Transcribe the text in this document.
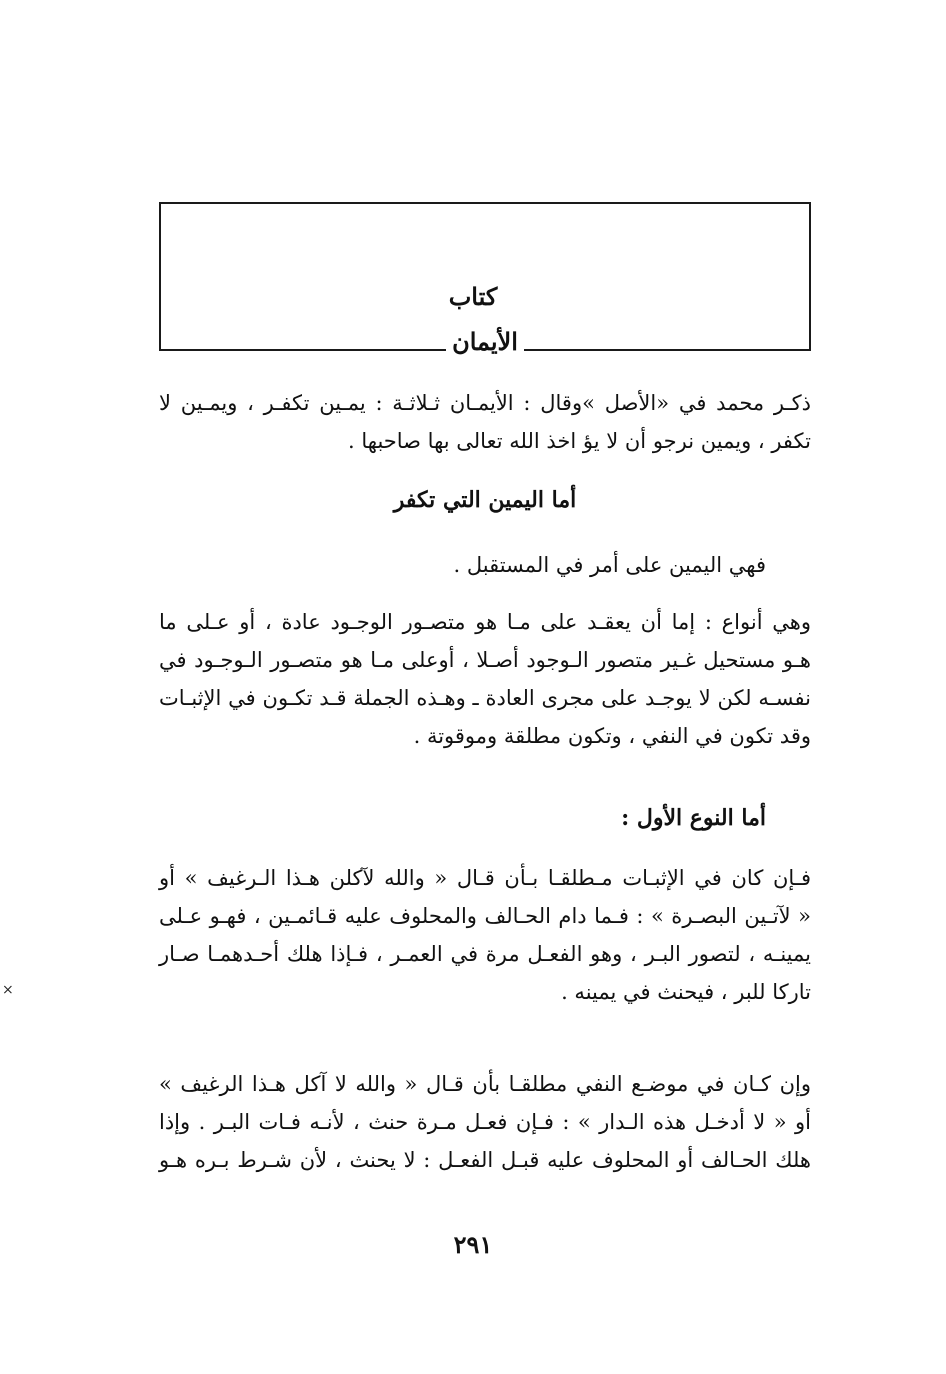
كتاب
الأيمان
ذكـر محمد في «الأصل »وقال : الأيمـان ثـلاثـة : يمـين تكفـر ، ويمـين لا
تكفر ، ويمين نرجو أن لا يؤ اخذ الله تعالى بها صاحبها .
أما اليمين التي تكفر
فهي اليمين على أمر في المستقبل .
وهي أنواع : إما أن يعقـد على مـا هو متصـور الوجـود عادة ، أو عـلى ما
هـو مستحيل غـير متصور الـوجود أصـلا ، أوعلى مـا هو متصـور الـوجـود في
نفسـه لكن لا يوجـد على مجرى العادة ـ وهـذه الجملة قـد تكـون في الإثبـات
وقد تكون في النفي ، وتكون مطلقة وموقوتة .
أما النوع الأول :
فـإن كان في الإثبـات مـطلقـا بـأن قـال « والله لآكلن هـذا الـرغيف » أو
« لآتـين البصـرة » : فـما دام الحـالف والمحلوف عليه قـائمـين ، فهـو عـلى
يمينـه ، لتصور البـر ، وهو الفعـل مرة في العمـر ، فـإذا هلك أحـدهمـا صـار
تاركا للبر ، فيحنث في يمينه .
وإن كـان في موضـع النفي مطلقـا بأن قـال « والله لا آكل هـذا الرغيف »
أو « لا أدخـل هذه الـدار » : فـإن فعـل مـرة حنث ، لأنـه فـات البـر . وإذا
هلك الحـالف أو المحلوف عليه قبـل الفعـل : لا يحنث ، لأن شـرط بـره هـو
٢٩١
×
